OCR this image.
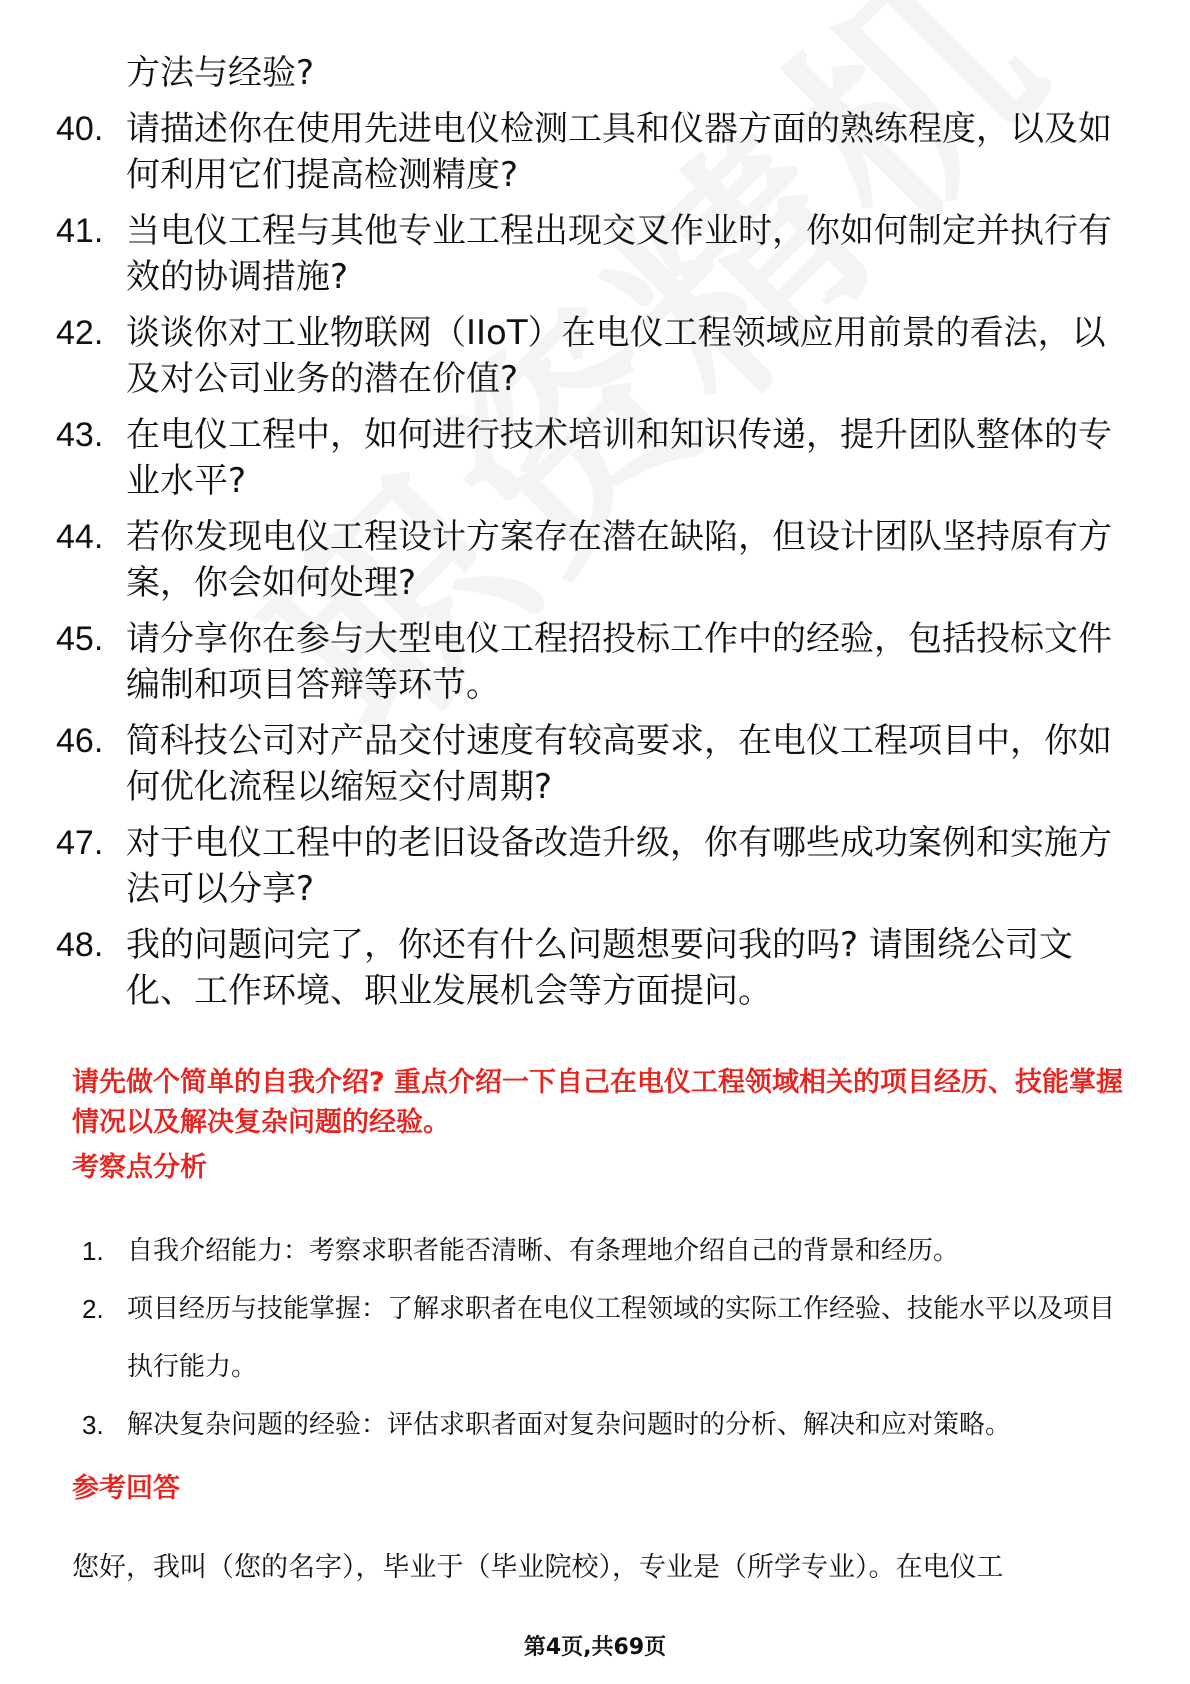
方法与经验?
40. 请描述你在使用先进电仪检测工具和仪器方面的熟练程度，以及如何利用它们提高检测精度?
41. 当电仪工程与其他专业工程出现交叉作业时，你如何制定并执行有效的协调措施?
42. 谈谈你对工业物联网（IIoT）在电仪工程领域应用前景的看法，以及对公司业务的潜在价值?
43. 在电仪工程中，如何进行技术培训和知识传递，提升团队整体的专业水平?
44. 若你发现电仪工程设计方案存在潜在缺陷，但设计团队坚持原有方案，你会如何处理?
45. 请分享你在参与大型电仪工程招投标工作中的经验，包括投标文件编制和项目答辩等环节。
46. 简科技公司对产品交付速度有较高要求，在电仪工程项目中，你如何优化流程以缩短交付周期?
47. 对于电仪工程中的老旧设备改造升级，你有哪些成功案例和实施方法可以分享?
48. 我的问题问完了，你还有什么问题想要问我的吗? 请围绕公司文化、工作环境、职业发展机会等方面提问。
请先做个简单的自我介绍? 重点介绍一下自己在电仪工程领域相关的项目经历、技能掌握情况以及解决复杂问题的经验。
考察点分析
1. 自我介绍能力：考察求职者能否清晰、有条理地介绍自己的背景和经历。
2. 项目经历与技能掌握：了解求职者在电仪工程领域的实际工作经验、技能水平以及项目执行能力。
3. 解决复杂问题的经验：评估求职者面对复杂问题时的分析、解决和应对策略。
参考回答
您好，我叫（您的名字），毕业于（毕业院校），专业是（所学专业）。在电仪工
第4页,共69页
